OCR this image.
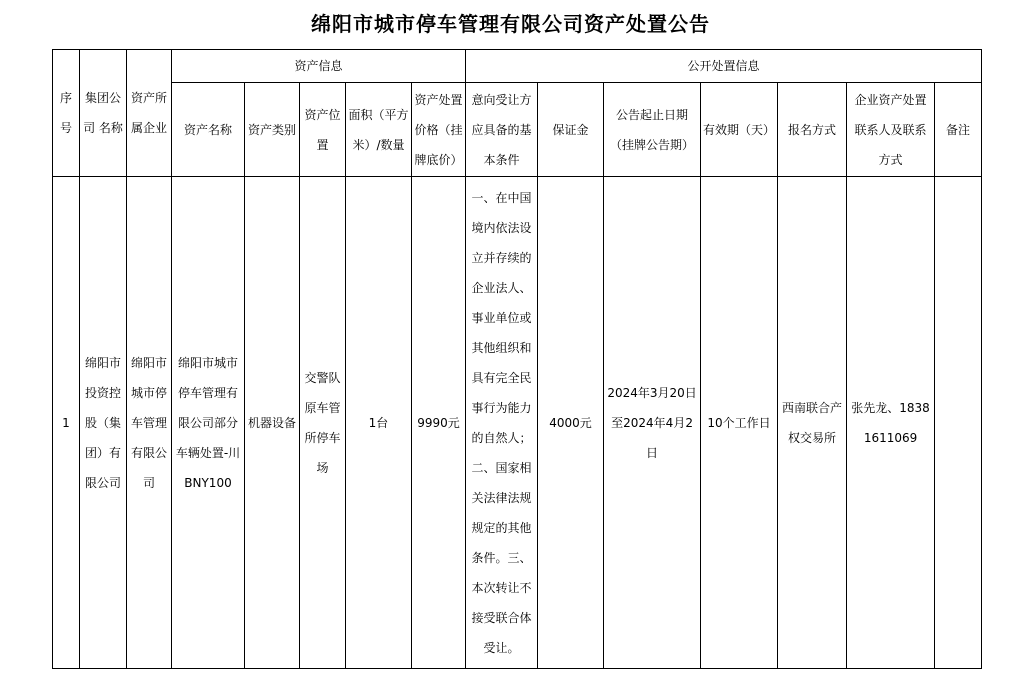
绵阳市城市停车管理有限公司资产处置公告
序号	集团公司 名称	资产所属企业	资产信息					公开处置信息						
			资产名称	资产类别	资产位置	面积（平方米）/数量	资产处置价格（挂牌底价）	意向受让方应具备的基本条件	保证金	公告起止日期（挂牌公告期）	有效期（天）	报名方式	企业资产处置联系人及联系方式	备注
1	绵阳市投资控股（集团）有限公司	绵阳市城市停车管理有限公司	绵阳市城市停车管理有限公司部分车辆处置-川BNY100	机器设备	交警队原车管所停车场	1台	9990元	一、在中国境内依法设立并存续的企业法人、事业单位或其他组织和具有完全民事行为能力的自然人；二、国家相关法律法规规定的其他条件。三、本次转让不接受联合体受让。	4000元	2024年3月20日至2024年4月2日	10个工作日	西南联合产权交易所	张先龙、18381611069	
